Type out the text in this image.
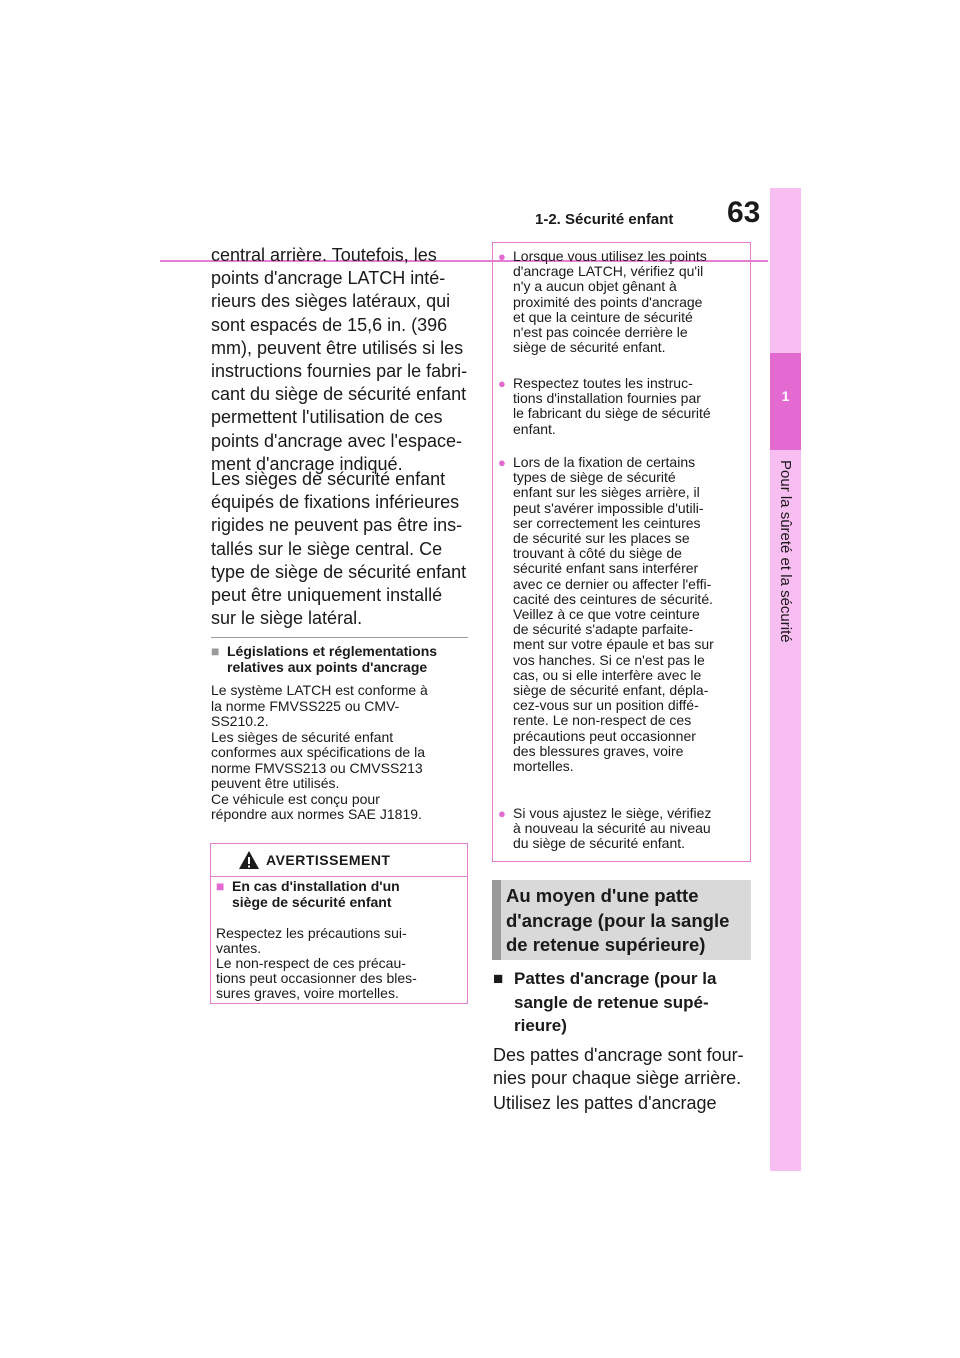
1-2. Sécurité enfant 63
1
Pour la sûreté et la sécurité
central arrière. Toutefois, les
points d'ancrage LATCH inté-
rieurs des sièges latéraux, qui
sont espacés de 15,6 in. (396
mm), peuvent être utilisés si les
instructions fournies par le fabri-
cant du siège de sécurité enfant
permettent l'utilisation de ces
points d'ancrage avec l'espace-
ment d'ancrage indiqué.
Les sièges de sécurité enfant
équipés de fixations inférieures
rigides ne peuvent pas être ins-
tallés sur le siège central. Ce
type de siège de sécurité enfant
peut être uniquement installé
sur le siège latéral.
■ Législations et réglementations
relatives aux points d'ancrage
Le système LATCH est conforme à
la norme FMVSS225 ou CMV-
SS210.2.
Les sièges de sécurité enfant
conformes aux spécifications de la
norme FMVSS213 ou CMVSS213
peuvent être utilisés.
Ce véhicule est conçu pour
répondre aux normes SAE J1819.
AVERTISSEMENT
■ En cas d'installation d'un
siège de sécurité enfant
Respectez les précautions sui-
vantes.
Le non-respect de ces précau-
tions peut occasionner des bles-
sures graves, voire mortelles.
● Lorsque vous utilisez les points
d'ancrage LATCH, vérifiez qu'il
n'y a aucun objet gênant à
proximité des points d'ancrage
et que la ceinture de sécurité
n'est pas coincée derrière le
siège de sécurité enfant.
● Respectez toutes les instruc-
tions d'installation fournies par
le fabricant du siège de sécurité
enfant.
● Lors de la fixation de certains
types de siège de sécurité
enfant sur les sièges arrière, il
peut s'avérer impossible d'utili-
ser correctement les ceintures
de sécurité sur les places se
trouvant à côté du siège de
sécurité enfant sans interférer
avec ce dernier ou affecter l'effi-
cacité des ceintures de sécurité.
Veillez à ce que votre ceinture
de sécurité s'adapte parfaite-
ment sur votre épaule et bas sur
vos hanches. Si ce n'est pas le
cas, ou si elle interfère avec le
siège de sécurité enfant, dépla-
cez-vous sur un position diffé-
rente. Le non-respect de ces
précautions peut occasionner
des blessures graves, voire
mortelles.
● Si vous ajustez le siège, vérifiez
à nouveau la sécurité au niveau
du siège de sécurité enfant.
Au moyen d'une patte
d'ancrage (pour la sangle
de retenue supérieure)
■ Pattes d'ancrage (pour la
sangle de retenue supé-
rieure)
Des pattes d'ancrage sont four-
nies pour chaque siège arrière.
Utilisez les pattes d'ancrage
